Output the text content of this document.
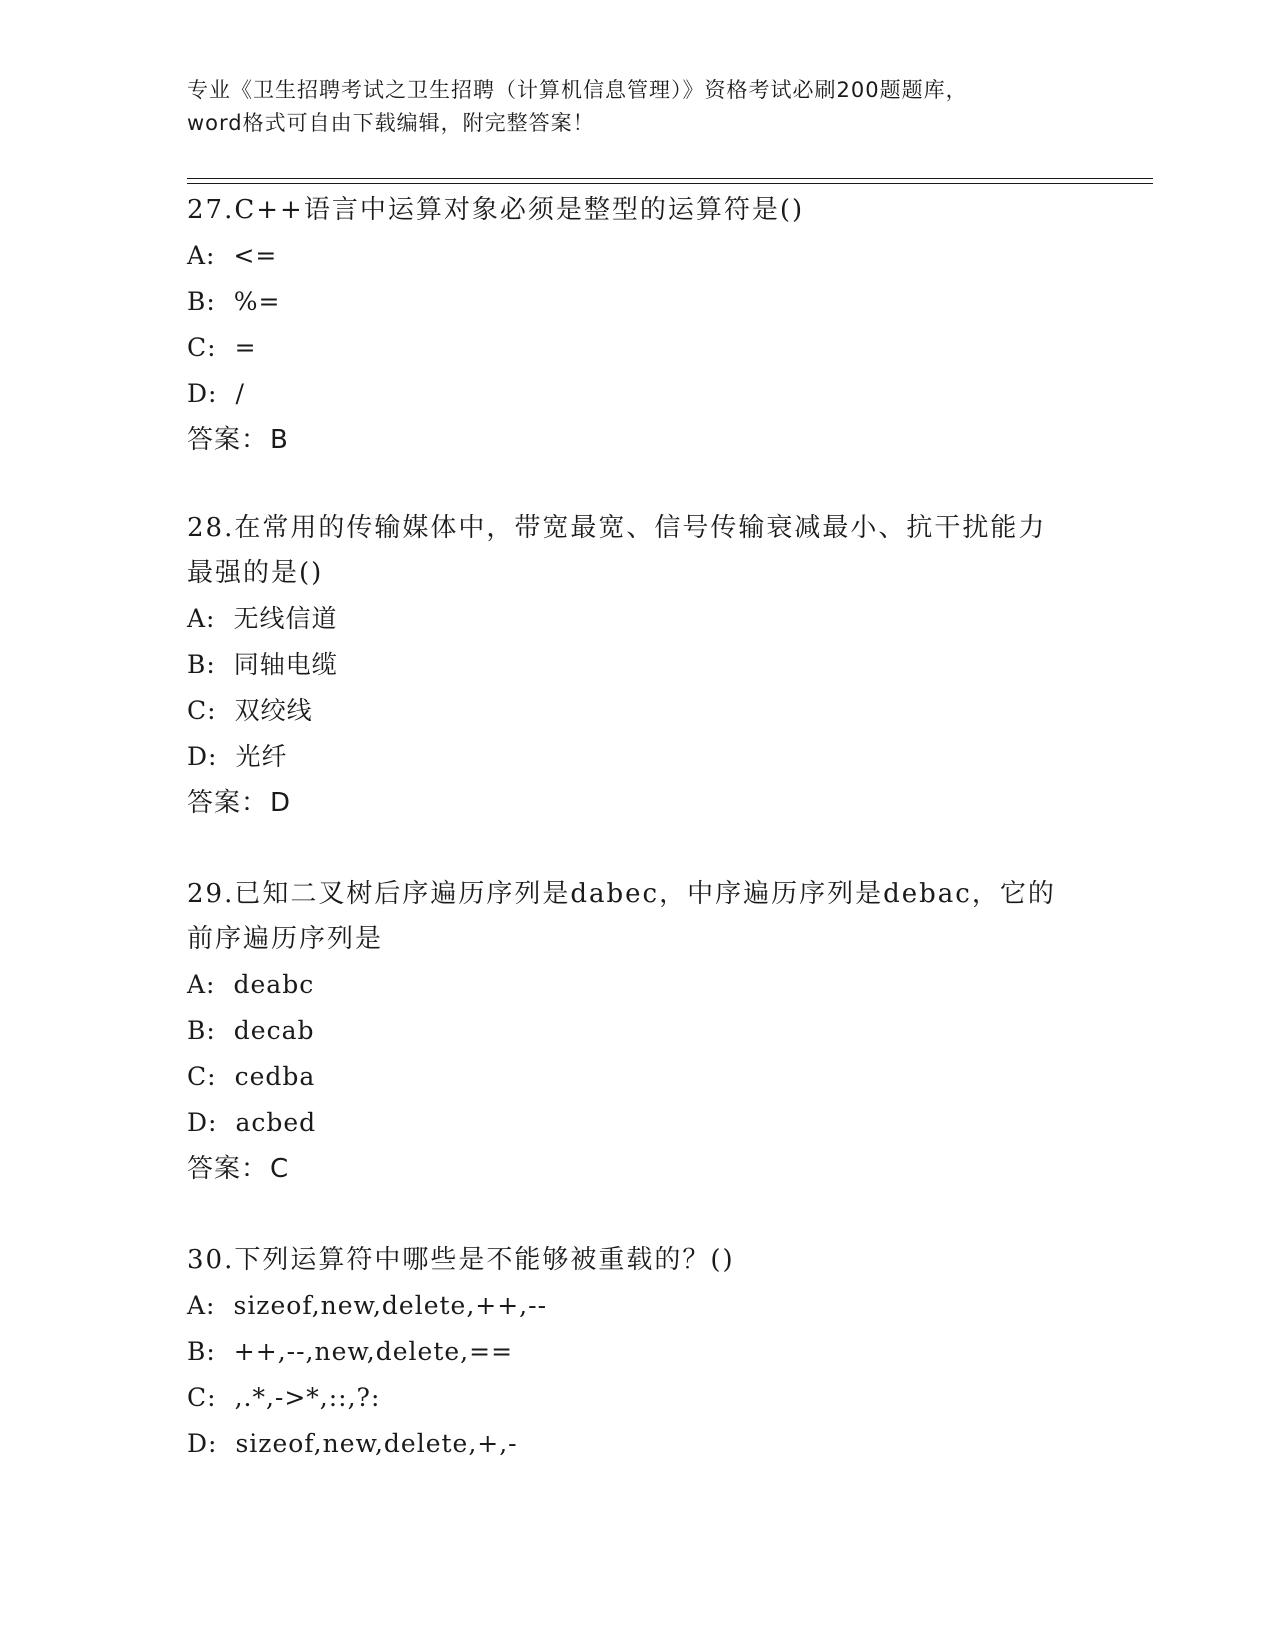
专业《卫生招聘考试之卫生招聘（计算机信息管理）》资格考试必刷200题题库，
word格式可自由下载编辑，附完整答案！
27.C++语言中运算对象必须是整型的运算符是()
A: <=
B: %=
C: =
D: /
答案：B
28.在常用的传输媒体中，带宽最宽、信号传输衰减最小、抗干扰能力
最强的是()
A: 无线信道
B: 同轴电缆
C: 双绞线
D: 光纤
答案：D
29.已知二叉树后序遍历序列是dabec，中序遍历序列是debac，它的
前序遍历序列是
A: deabc
B: decab
C: cedba
D: acbed
答案：C
30.下列运算符中哪些是不能够被重载的？()
A: sizeof,new,delete,++,--
B: ++,--,new,delete,==
C: ,.*,->*,::,?:
D: sizeof,new,delete,+,-
